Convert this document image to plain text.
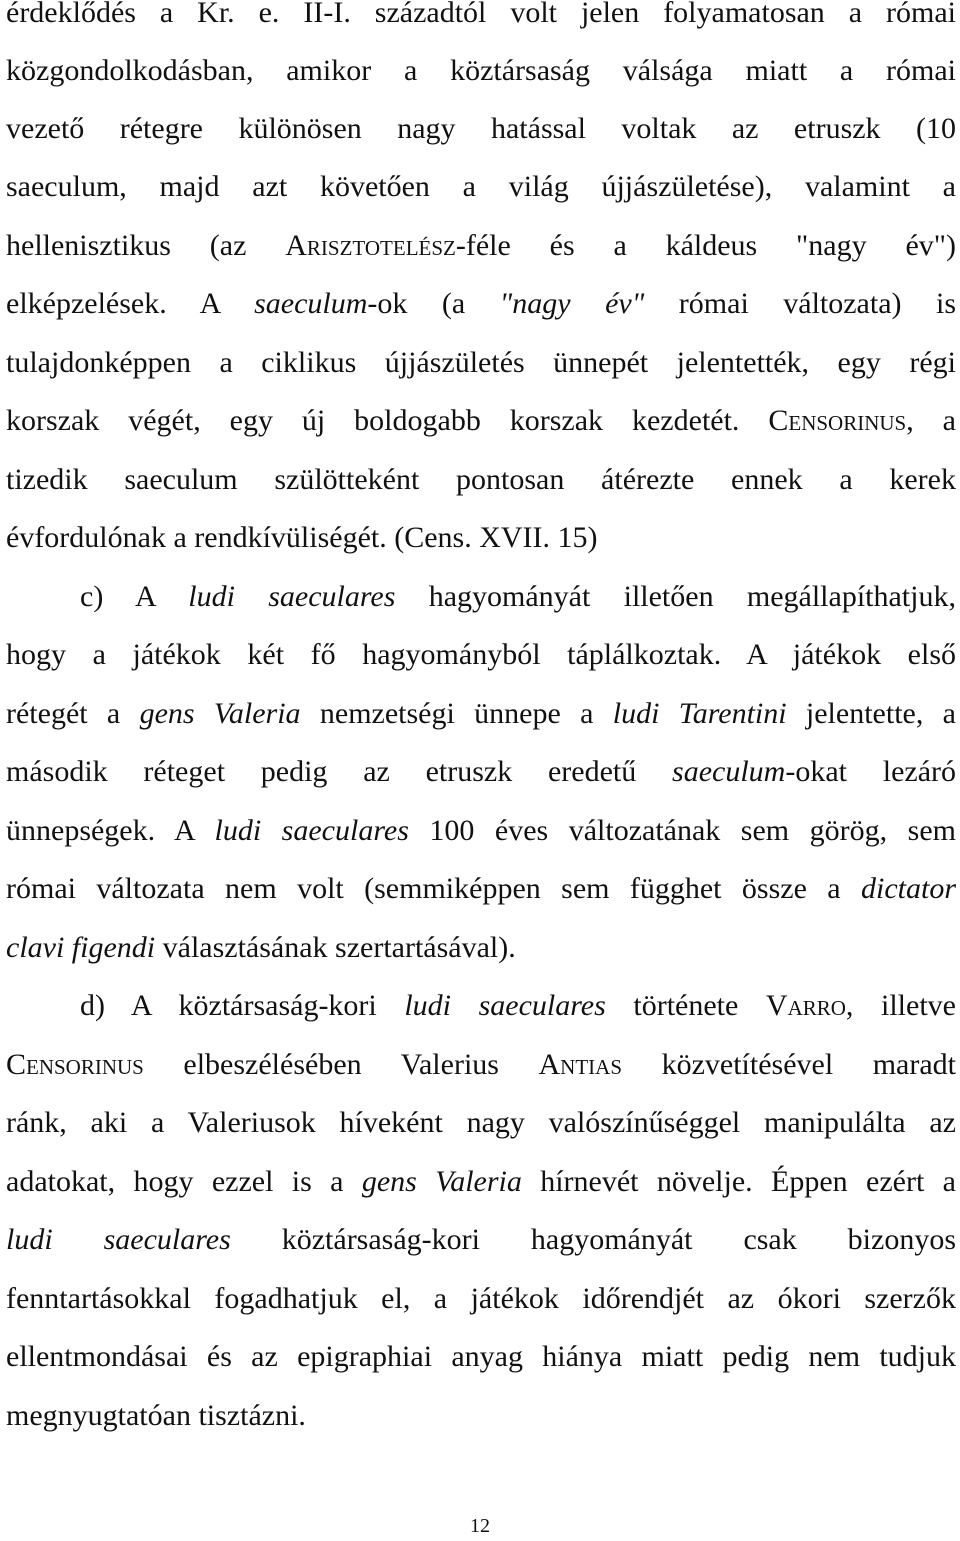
érdeklődés a Kr. e. II-I. századtól volt jelen folyamatosan a római
közgondolkodásban, amikor a köztársaság válsága miatt a római
vezető rétegre különösen nagy hatással voltak az etruszk (10
saeculum, majd azt követően a világ újjászületése), valamint a
hellenisztikus (az Arisztotelész-féle és a káldeus "nagy év")
elképzelések. A saeculum-ok (a "nagy év" római változata) is
tulajdonképpen a ciklikus újjászületés ünnepét jelentették, egy régi
korszak végét, egy új boldogabb korszak kezdetét. Censorinus, a
tizedik saeculum szülötteként pontosan átérezte ennek a kerek
évfordulónak a rendkívüliségét. (Cens. XVII. 15)
c) A ludi saeculares hagyományát illetően megállapíthatjuk,
hogy a játékok két fő hagyományból táplálkoztak. A játékok első
rétegét a gens Valeria nemzetségi ünnepe a ludi Tarentini jelentette, a
második réteget pedig az etruszk eredetű saeculum-okat lezáró
ünnepségek. A ludi saeculares 100 éves változatának sem görög, sem
római változata nem volt (semmiképpen sem függhet össze a dictator
clavi figendi választásának szertartásával).
d) A köztársaság-kori ludi saeculares története Varro, illetve
Censorinus elbeszélésében Valerius Antias közvetítésével maradt
ránk, aki a Valeriusok híveként nagy valószínűséggel manipulálta az
adatokat, hogy ezzel is a gens Valeria hírnevét növelje. Éppen ezért a
ludi saeculares köztársaság-kori hagyományát csak bizonyos
fenntartásokkal fogadhatjuk el, a játékok időrendjét az ókori szerzők
ellentmondásai és az epigraphiai anyag hiánya miatt pedig nem tudjuk
megnyugtatóan tisztázni.
12
